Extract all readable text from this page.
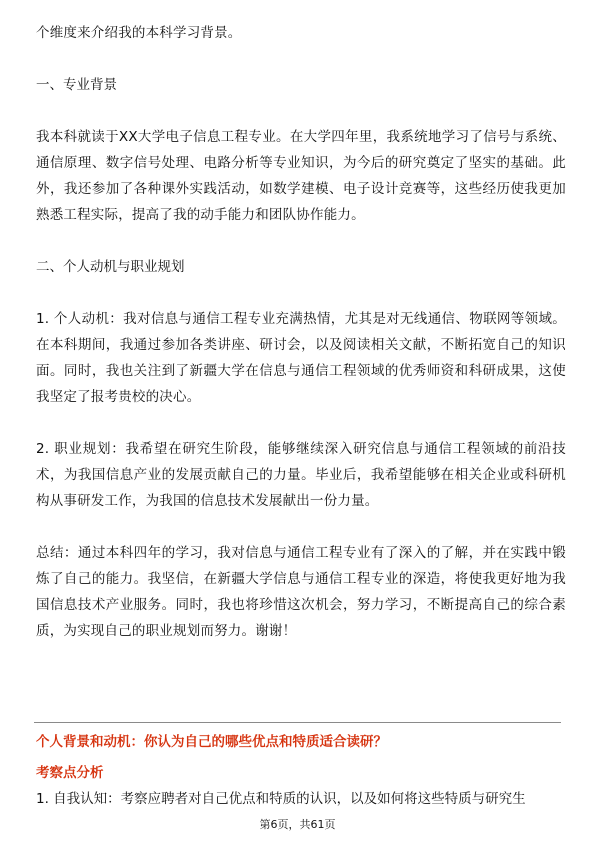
个维度来介绍我的本科学习背景。

一、专业背景

我本科就读于XX大学电子信息工程专业。在大学四年里，我系统地学习了信号与系统、通信原理、数字信号处理、电路分析等专业知识，为今后的研究奠定了坚实的基础。此外，我还参加了各种课外实践活动，如数学建模、电子设计竞赛等，这些经历使我更加熟悉工程实际，提高了我的动手能力和团队协作能力。

二、个人动机与职业规划

1. 个人动机：我对信息与通信工程专业充满热情，尤其是对无线通信、物联网等领域。在本科期间，我通过参加各类讲座、研讨会，以及阅读相关文献，不断拓宽自己的知识面。同时，我也关注到了新疆大学在信息与通信工程领域的优秀师资和科研成果，这使我坚定了报考贵校的决心。

2. 职业规划：我希望在研究生阶段，能够继续深入研究信息与通信工程领域的前沿技术，为我国信息产业的发展贡献自己的力量。毕业后，我希望能够在相关企业或科研机构从事研发工作，为我国的信息技术发展献出一份力量。

总结：通过本科四年的学习，我对信息与通信工程专业有了深入的了解，并在实践中锻炼了自己的能力。我坚信，在新疆大学信息与通信工程专业的深造，将使我更好地为我国信息技术产业服务。同时，我也将珍惜这次机会，努力学习，不断提高自己的综合素质，为实现自己的职业规划而努力。谢谢！

个人背景和动机：你认为自己的哪些优点和特质适合读研？

考察点分析

1. 自我认知：考察应聘者对自己优点和特质的认识，以及如何将这些特质与研究生

第6页，共61页
